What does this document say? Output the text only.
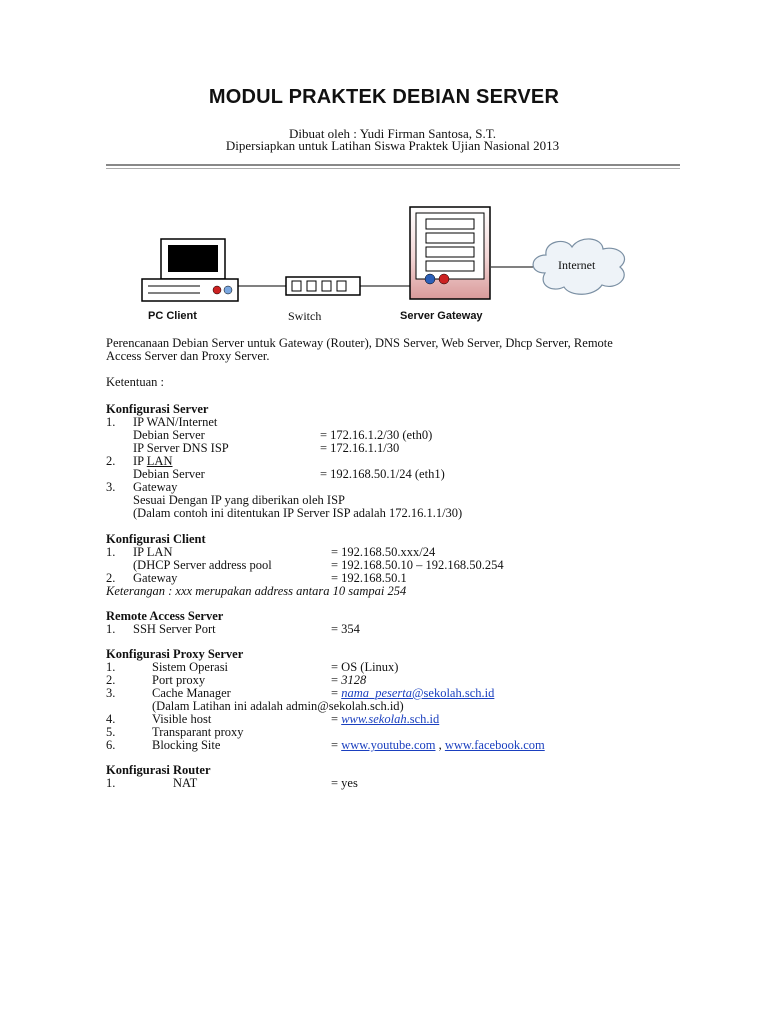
MODUL PRAKTEK DEBIAN SERVER
Dibuat oleh : Yudi Firman Santosa, S.T.
Dipersiapkan untuk Latihan Siswa Praktek Ujian Nasional 2013
PC Client	Switch	Server Gateway
Internet
Perencanaan Debian Server untuk Gateway (Router), DNS Server, Web Server, Dhcp Server, Remote
Access Server dan Proxy Server.
Ketentuan :
Konfigurasi Server
1. IP WAN/Internet
Debian Server	= 172.16.1.2/30 (eth0)
IP Server DNS ISP	= 172.16.1.1/30
2. IP LAN
Debian Server	= 192.168.50.1/24 (eth1)
3. Gateway
Sesuai Dengan IP yang diberikan oleh ISP
(Dalam contoh ini ditentukan IP Server ISP adalah 172.16.1.1/30)
Konfigurasi Client
1. IP LAN	= 192.168.50.xxx/24
(DHCP Server address pool	= 192.168.50.10 – 192.168.50.254
2. Gateway	= 192.168.50.1
Keterangan : xxx merupakan address antara 10 sampai 254
Remote Access Server
1. SSH Server Port	= 354
Konfigurasi Proxy Server
1.	Sistem Operasi	= OS (Linux)
2.	Port proxy	= 3128
3.	Cache Manager	= nama_peserta@sekolah.sch.id
(Dalam Latihan ini adalah admin@sekolah.sch.id)
4.	Visible host	= www.sekolah.sch.id
5.	Transparant proxy
6.	Blocking Site	= www.youtube.com , www.facebook.com
Konfigurasi Router
1.	NAT	= yes
